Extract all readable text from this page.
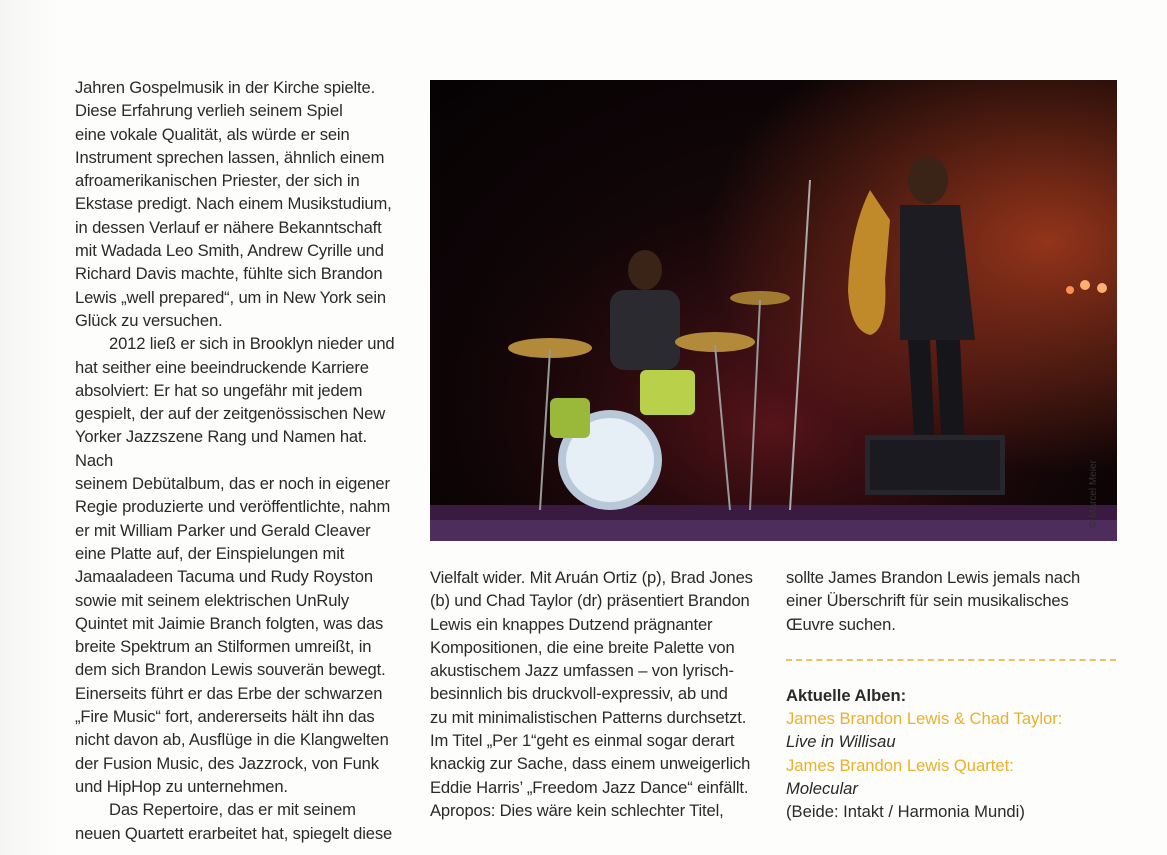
Jahren Gospelmusik in der Kirche spielte.

Diese Erfahrung verlieh seinem Spiel

eine vokale Qualität, als würde er sein

Instrument sprechen lassen, ähnlich einem

afroamerikanischen Priester, der sich in

Ekstase predigt. Nach einem Musikstudium,

in dessen Verlauf er nähere Bekanntschaft

mit Wadada Leo Smith, Andrew Cyrille und

Richard Davis machte, fühlte sich Brandon

Lewis „well prepared“, um in New York sein

Glück zu versuchen.

2012 ließ er sich in Brooklyn nieder und

hat seither eine beeindruckende Karriere

absolviert: Er hat so ungefähr mit jedem

gespielt, der auf der zeitgenössischen New

Yorker Jazzszene Rang und Namen hat. Nach

seinem Debütalbum, das er noch in eigener

Regie produzierte und veröffentlichte, nahm

er mit William Parker und Gerald Cleaver

eine Platte auf, der Einspielungen mit

Jamaaladeen Tacuma und Rudy Royston

sowie mit seinem elektrischen UnRuly

Quintet mit Jaimie Branch folgten, was das

breite Spektrum an Stilformen umreißt, in

dem sich Brandon Lewis souverän bewegt.

Einerseits führt er das Erbe der schwarzen

„Fire Music“ fort, andererseits hält ihn das

nicht davon ab, Ausflüge in die Klangwelten

der Fusion Music, des Jazzrock, von Funk

und HipHop zu unternehmen.

Das Repertoire, das er mit seinem

neuen Quartett erarbeitet hat, spiegelt diese

© Marcel Meier

Vielfalt wider. Mit Aruán Ortiz (p), Brad Jones

(b) und Chad Taylor (dr) präsentiert Brandon

Lewis ein knappes Dutzend prägnanter

Kompositionen, die eine breite Palette von

akustischem Jazz umfassen – von lyrisch-

besinnlich bis druckvoll-expressiv, ab und

zu mit minimalistischen Patterns durchsetzt.

Im Titel „Per 1“geht es einmal sogar derart

knackig zur Sache, dass einem unweigerlich

Eddie Harris’ „Freedom Jazz Dance“ einfällt.

Apropos: Dies wäre kein schlechter Titel,

sollte James Brandon Lewis jemals nach

einer Überschrift für sein musikalisches

Œuvre suchen.

Aktuelle Alben:
James Brandon Lewis & Chad Taylor:
Live in Willisau
James Brandon Lewis Quartet:
Molecular
(Beide: Intakt / Harmonia Mundi)
